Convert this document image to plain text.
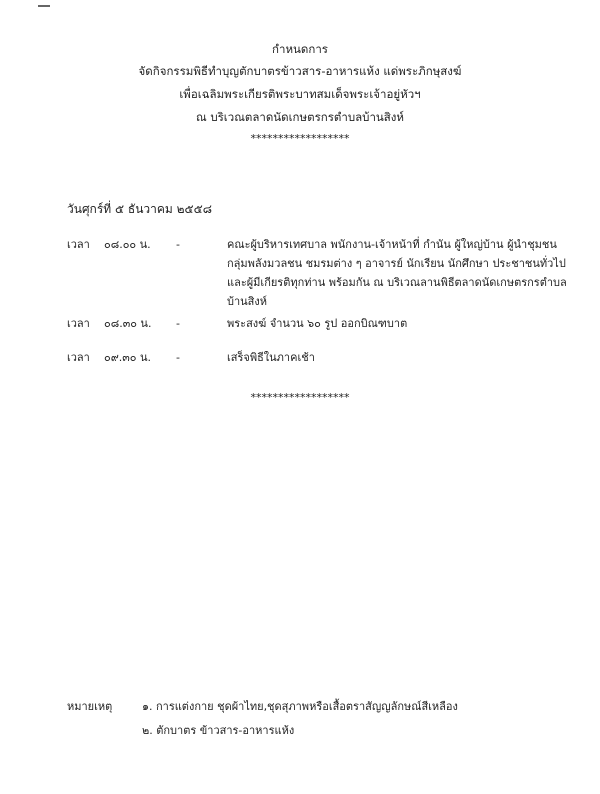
กำหนดการ
จัดกิจกรรมพิธีทำบุญตักบาตรข้าวสาร-อาหารแห้ง แด่พระภิกษุสงฆ์
เพื่อเฉลิมพระเกียรติพระบาทสมเด็จพระเจ้าอยู่หัวฯ
ณ บริเวณตลาดนัดเกษตรกรตำบลบ้านสิงห์
******************
วันศุกร์ที่ ๕ ธันวาคม ๒๕๕๘
เวลา ๐๘.๐๐ น. -	คณะผู้บริหารเทศบาล พนักงาน-เจ้าหน้าที่ กำนัน ผู้ใหญ่บ้าน ผู้นำชุมชน
กลุ่มพลังมวลชน ชมรมต่าง ๆ อาจารย์ นักเรียน นักศึกษา ประชาชนทั่วไป
และผู้มีเกียรติทุกท่าน พร้อมกัน ณ บริเวณลานพิธีตลาดนัดเกษตรกรตำบล
บ้านสิงห์
เวลา ๐๘.๓๐ น. -	พระสงฆ์ จำนวน ๖๐ รูป ออกบิณฑบาต
เวลา ๐๙.๓๐ น. -	เสร็จพิธีในภาคเช้า
******************
หมายเหตุ	๑. การแต่งกาย ชุดผ้าไทย,ชุดสุภาพหรือเสื้อตราสัญญลักษณ์สีเหลือง
๒. ตักบาตร ข้าวสาร-อาหารแห้ง
